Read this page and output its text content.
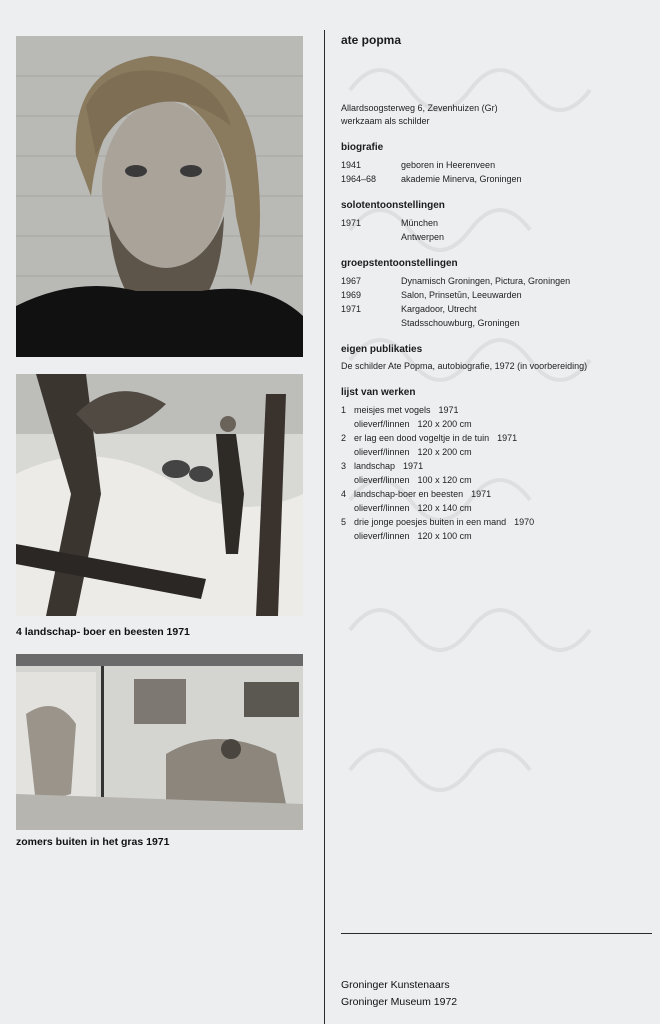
4 landschap- boer en beesten 1971
zomers buiten in het gras 1971
ate popma
Allardsoogsterweg 6, Zevenhuizen (Gr)
werkzaam als schilder
biografie
1941	geboren in Heerenveen
1964–68	akademie Minerva, Groningen
solotentoonstellingen
1971	München
Antwerpen
groepstentoonstellingen
1967	Dynamisch Groningen, Pictura, Groningen
1969	Salon, Prinsetūn, Leeuwarden
1971	Kargadoor, Utrecht
Stadsschouwburg, Groningen
eigen publikaties
De schilder Ate Popma, autobiografie, 1972 (in voorbereiding)
lijst van werken
1 meisjes met vogels 1971
olieverf/linnen 120 x 200 cm
2 er lag een dood vogeltje in de tuin 1971
olieverf/linnen 120 x 200 cm
3 landschap 1971
olieverf/linnen 100 x 120 cm
4 landschap-boer en beesten 1971
olieverf/linnen 120 x 140 cm
5 drie jonge poesjes buiten in een mand 1970
olieverf/linnen 120 x 100 cm
Groninger Kunstenaars
Groninger Museum 1972
